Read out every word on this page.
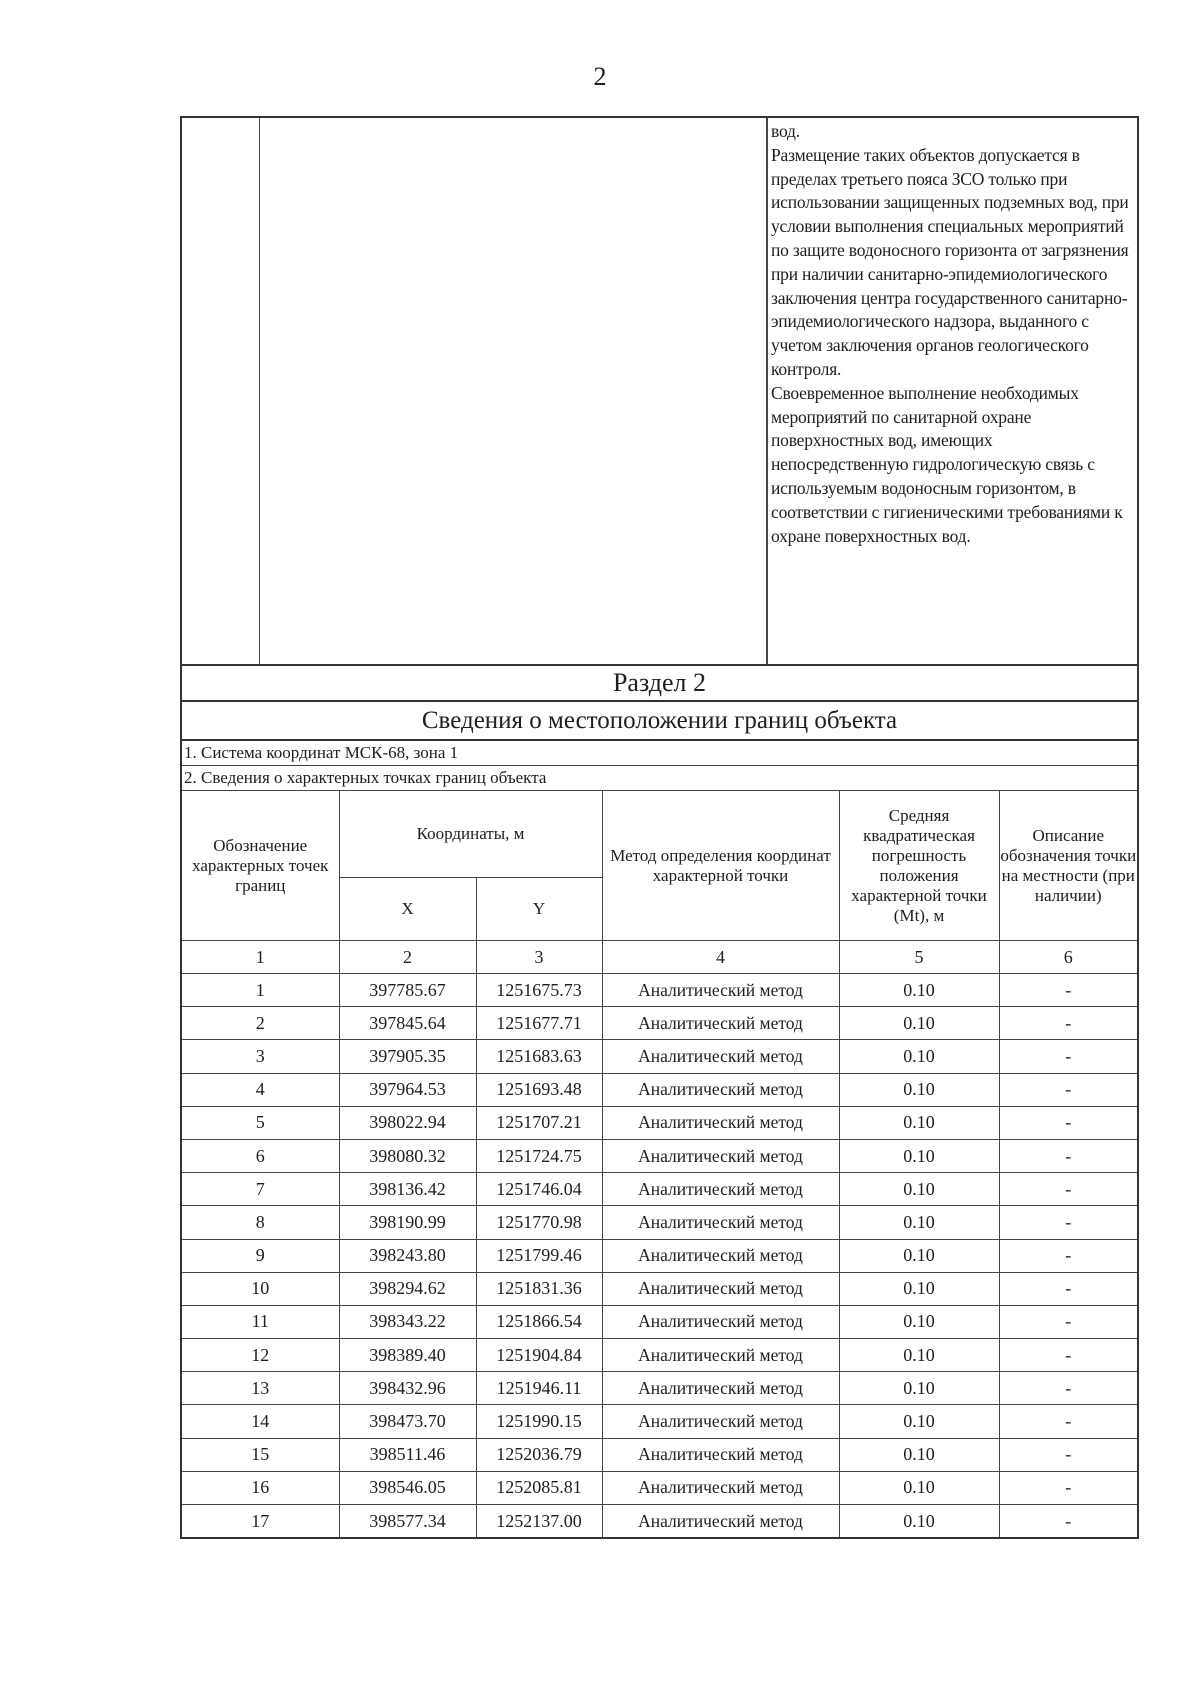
2

вод.

Размещение таких объектов допускается в пределах третьего пояса ЗСО только при использовании защищенных подземных вод, при условии выполнения специальных мероприятий по защите водоносного горизонта от загрязнения при наличии санитарно-эпидемиологического заключения центра государственного санитарно-эпидемиологического надзора, выданного с учетом заключения органов геологического контроля.

Своевременное выполнение необходимых мероприятий по санитарной охране поверхностных вод, имеющих непосредственную гидрологическую связь с используемым водоносным горизонтом, в соответствии с гигиеническими требованиями к охране поверхностных вод.

Раздел 2
Сведения о местоположении границ объекта
1. Система координат МСК-68, зона 1
2. Сведения о характерных точках границ объекта
Обозначение характерных точек границ	Координаты, м		Метод определения координат характерной точки	Средняя квадратическая погрешность положения характерной точки (Mt), м	Описание обозначения точки на местности (при наличии)
	X	Y			
1	2	3	4	5	6
1	397785.67	1251675.73	Аналитический метод	0.10	-
2	397845.64	1251677.71	Аналитический метод	0.10	-
3	397905.35	1251683.63	Аналитический метод	0.10	-
4	397964.53	1251693.48	Аналитический метод	0.10	-
5	398022.94	1251707.21	Аналитический метод	0.10	-
6	398080.32	1251724.75	Аналитический метод	0.10	-
7	398136.42	1251746.04	Аналитический метод	0.10	-
8	398190.99	1251770.98	Аналитический метод	0.10	-
9	398243.80	1251799.46	Аналитический метод	0.10	-
10	398294.62	1251831.36	Аналитический метод	0.10	-
11	398343.22	1251866.54	Аналитический метод	0.10	-
12	398389.40	1251904.84	Аналитический метод	0.10	-
13	398432.96	1251946.11	Аналитический метод	0.10	-
14	398473.70	1251990.15	Аналитический метод	0.10	-
15	398511.46	1252036.79	Аналитический метод	0.10	-
16	398546.05	1252085.81	Аналитический метод	0.10	-
17	398577.34	1252137.00	Аналитический метод	0.10	-
